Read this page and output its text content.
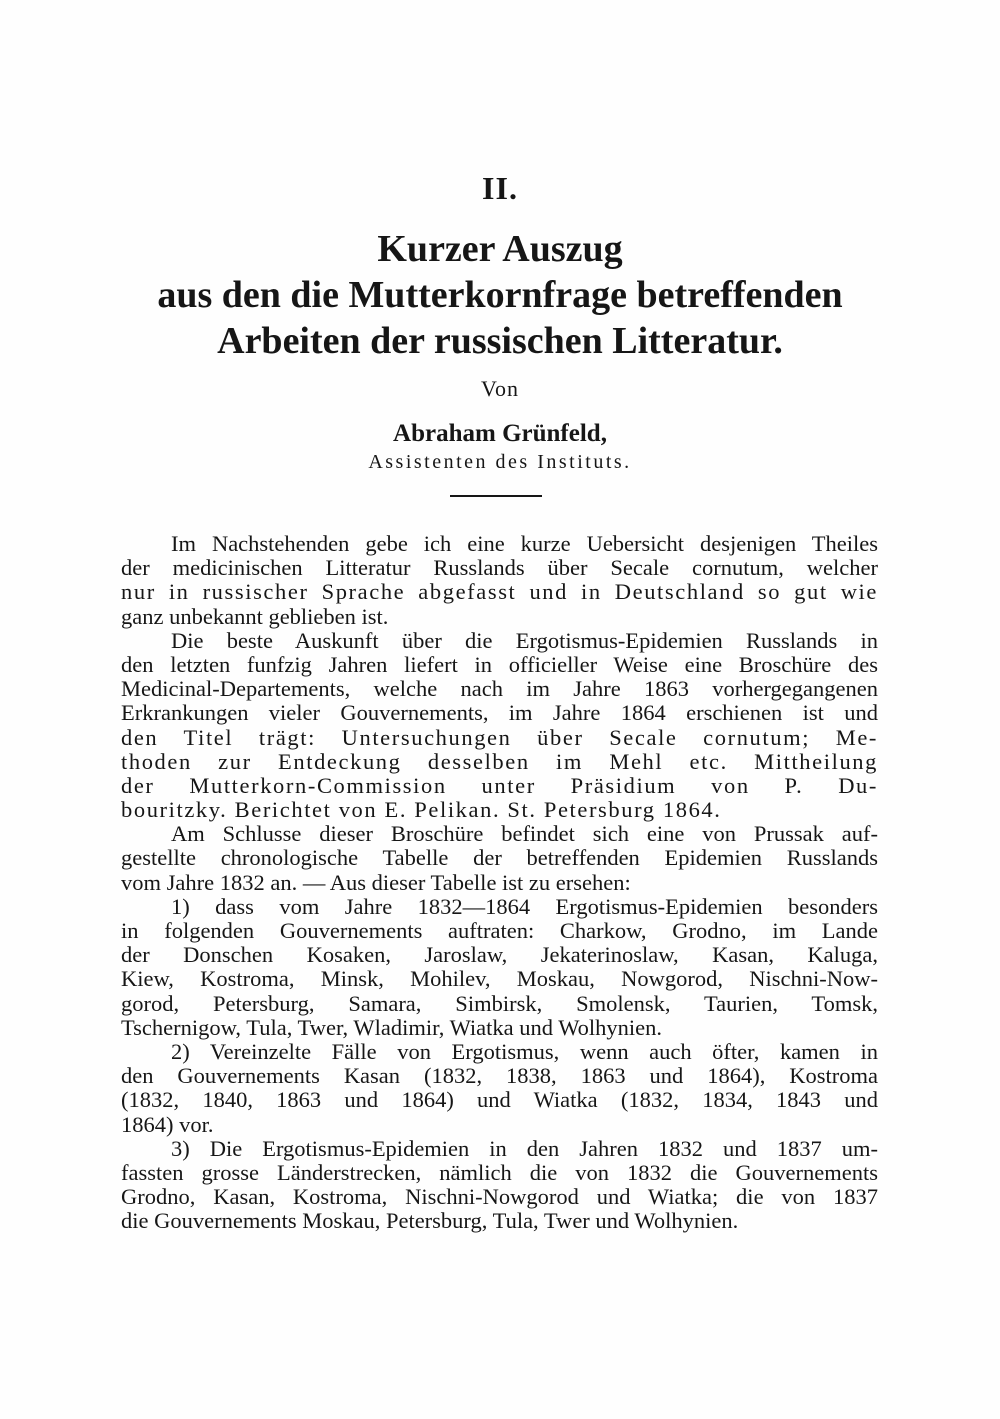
II.
Kurzer Auszug
aus den die Mutterkornfrage betreffenden
Arbeiten der russischen Litteratur.
Von
Abraham Grünfeld,
Assistenten des Instituts.
Im Nachstehenden gebe ich eine kurze Uebersicht desjenigen Theiles
der medicinischen Litteratur Russlands über Secale cornutum, welcher
nur in russischer Sprache abgefasst und in Deutschland so gut wie
ganz unbekannt geblieben ist.
Die beste Auskunft über die Ergotismus-Epidemien Russlands in
den letzten funfzig Jahren liefert in officieller Weise eine Broschüre des
Medicinal-Departements, welche nach im Jahre 1863 vorhergegangenen
Erkrankungen vieler Gouvernements, im Jahre 1864 erschienen ist und
den Titel trägt: Untersuchungen über Secale cornutum; Me-
thoden zur Entdeckung desselben im Mehl etc. Mittheilung
der Mutterkorn-Commission unter Präsidium von P. Du-
bouritzky. Berichtet von E. Pelikan. St. Petersburg 1864.
Am Schlusse dieser Broschüre befindet sich eine von Prussak auf-
gestellte chronologische Tabelle der betreffenden Epidemien Russlands
vom Jahre 1832 an. — Aus dieser Tabelle ist zu ersehen:
1) dass vom Jahre 1832—1864 Ergotismus-Epidemien besonders
in folgenden Gouvernements auftraten: Charkow, Grodno, im Lande
der Donschen Kosaken, Jaroslaw, Jekaterinoslaw, Kasan, Kaluga,
Kiew, Kostroma, Minsk, Mohilev, Moskau, Nowgorod, Nischni-Now-
gorod, Petersburg, Samara, Simbirsk, Smolensk, Taurien, Tomsk,
Tschernigow, Tula, Twer, Wladimir, Wiatka und Wolhynien.
2) Vereinzelte Fälle von Ergotismus, wenn auch öfter, kamen in
den Gouvernements Kasan (1832, 1838, 1863 und 1864), Kostroma
(1832, 1840, 1863 und 1864) und Wiatka (1832, 1834, 1843 und
1864) vor.
3) Die Ergotismus-Epidemien in den Jahren 1832 und 1837 um-
fassten grosse Länderstrecken, nämlich die von 1832 die Gouvernements
Grodno, Kasan, Kostroma, Nischni-Nowgorod und Wiatka; die von 1837
die Gouvernements Moskau, Petersburg, Tula, Twer und Wolhynien.
